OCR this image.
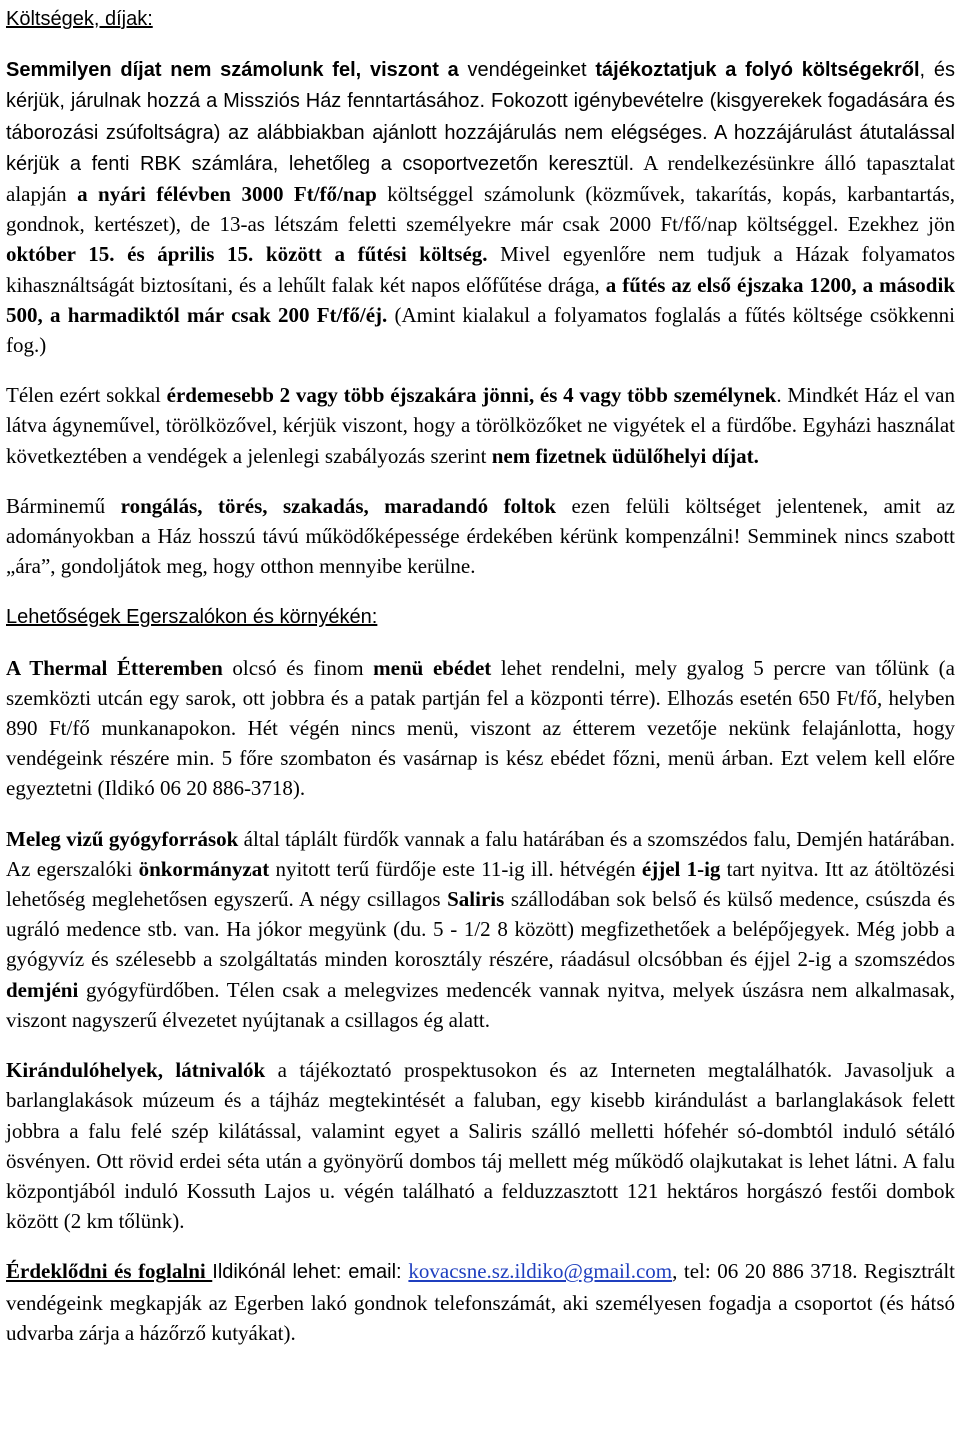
Költségek, díjak:

Semmilyen díjat nem számolunk fel, viszont a vendégeinket tájékoztatjuk a folyó költségekről, és kérjük, járulnak hozzá a Missziós Ház fenntartásához. Fokozott igénybevételre (kisgyerekek fogadására és táborozási zsúfoltságra) az alábbiakban ajánlott hozzájárulás nem elégséges. A hozzájárulást átutalással kérjük a fenti RBK számlára, lehetőleg a csoportvezetőn keresztül. A rendelkezésünkre álló tapasztalat alapján a nyári félévben 3000 Ft/fő/nap költséggel számolunk (közművek, takarítás, kopás, karbantartás, gondnok, kertészet), de 13-as létszám feletti személyekre már csak 2000 Ft/fő/nap költséggel. Ezekhez jön október 15. és április 15. között a fűtési költség. Mivel egyenlőre nem tudjuk a Házak folyamatos kihasználtságát biztosítani, és a lehűlt falak két napos előfűtése drága, a fűtés az első éjszaka 1200, a második 500, a harmadiktól már csak 200 Ft/fő/éj. (Amint kialakul a folyamatos foglalás a fűtés költsége csökkenni fog.)

Télen ezért sokkal érdemesebb 2 vagy több éjszakára jönni, és 4 vagy több személynek. Mindkét Ház el van látva ágyneművel, törölközővel, kérjük viszont, hogy a törölközőket ne vigyétek el a fürdőbe. Egyházi használat következtében a vendégek a jelenlegi szabályozás szerint nem fizetnek üdülőhelyi díjat.

Bárminemű rongálás, törés, szakadás, maradandó foltok ezen felüli költséget jelentenek, amit az adományokban a Ház hosszú távú működőképessége érdekében kérünk kompenzálni! Semminek nincs szabott „ára”, gondoljátok meg, hogy otthon mennyibe kerülne.

Lehetőségek Egerszalókon és környékén:

A Thermal Étteremben olcsó és finom menü ebédet lehet rendelni, mely gyalog 5 percre van tőlünk (a szemközti utcán egy sarok, ott jobbra és a patak partján fel a központi térre). Elhozás esetén 650 Ft/fő, helyben 890 Ft/fő munkanapokon. Hét végén nincs menü, viszont az étterem vezetője nekünk felajánlotta, hogy vendégeink részére min. 5 főre szombaton és vasárnap is kész ebédet főzni, menü árban. Ezt velem kell előre egyeztetni (Ildikó 06 20 886-3718).

Meleg vizű gyógyforrások által táplált fürdők vannak a falu határában és a szomszédos falu, Demjén határában. Az egerszalóki önkormányzat nyitott terű fürdője este 11-ig ill. hétvégén éjjel 1-ig tart nyitva. Itt az átöltözési lehetőség meglehetősen egyszerű. A négy csillagos Saliris szállodában sok belső és külső medence, csúszda és ugráló medence stb. van. Ha jókor megyünk (du. 5 - 1/2 8 között) megfizethetőek a belépőjegyek. Még jobb a gyógyvíz és szélesebb a szolgáltatás minden korosztály részére, ráadásul olcsóbban és éjjel 2-ig a szomszédos demjéni gyógyfürdőben. Télen csak a melegvizes medencék vannak nyitva, melyek úszásra nem alkalmasak, viszont nagyszerű élvezetet nyújtanak a csillagos ég alatt.

Kirándulóhelyek, látnivalók a tájékoztató prospektusokon és az Interneten megtalálhatók. Javasoljuk a barlanglakások múzeum és a tájház megtekintését a faluban, egy kisebb kirándulást a barlanglakások felett jobbra a falu felé szép kilátással, valamint egyet a Saliris szálló melletti hófehér só-dombtól induló sétáló ösvényen. Ott rövid erdei séta után a gyönyörű dombos táj mellett még működő olajkutakat is lehet látni. A falu központjából induló Kossuth Lajos u. végén található a felduzzasztott 121 hektáros horgászó festői dombok között (2 km tőlünk).

Érdeklődni és foglalni Ildikónál lehet: email: kovacsne.sz.ildiko@gmail.com, tel: 06 20 886 3718. Regisztrált vendégeink megkapják az Egerben lakó gondnok telefonszámát, aki személyesen fogadja a csoportot (és hátsó udvarba zárja a házőrző kutyákat).
